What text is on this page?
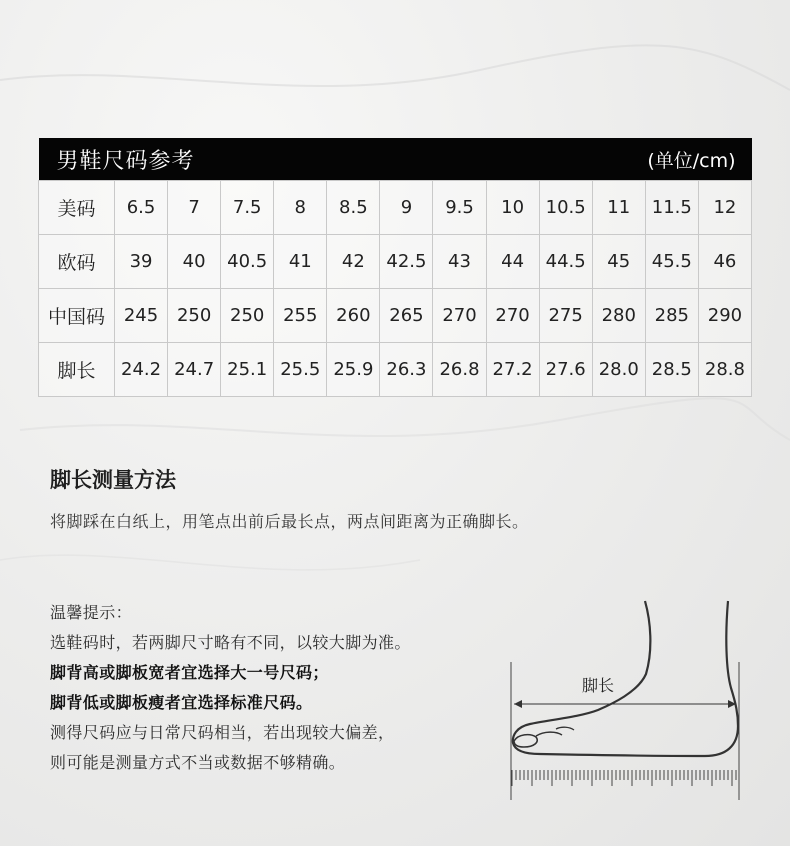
男鞋尺码参考 (单位/cm)												

美码	6.5	7	7.5	8	8.5	9	9.5	10	10.5	11	11.5	12
欧码	39	40	40.5	41	42	42.5	43	44	44.5	45	45.5	46
中国码	245	250	250	255	260	265	270	270	275	280	285	290
脚长	24.2	24.7	25.1	25.5	25.9	26.3	26.8	27.2	27.6	28.0	28.5	28.8
脚长测量方法
将脚踩在白纸上，用笔点出前后最长点，两点间距离为正确脚长。
温馨提示：
选鞋码时，若两脚尺寸略有不同，以较大脚为准。
脚背高或脚板宽者宜选择大一号尺码；
脚背低或脚板瘦者宜选择标准尺码。
测得尺码应与日常尺码相当，若出现较大偏差，
则可能是测量方式不当或数据不够精确。
脚长
